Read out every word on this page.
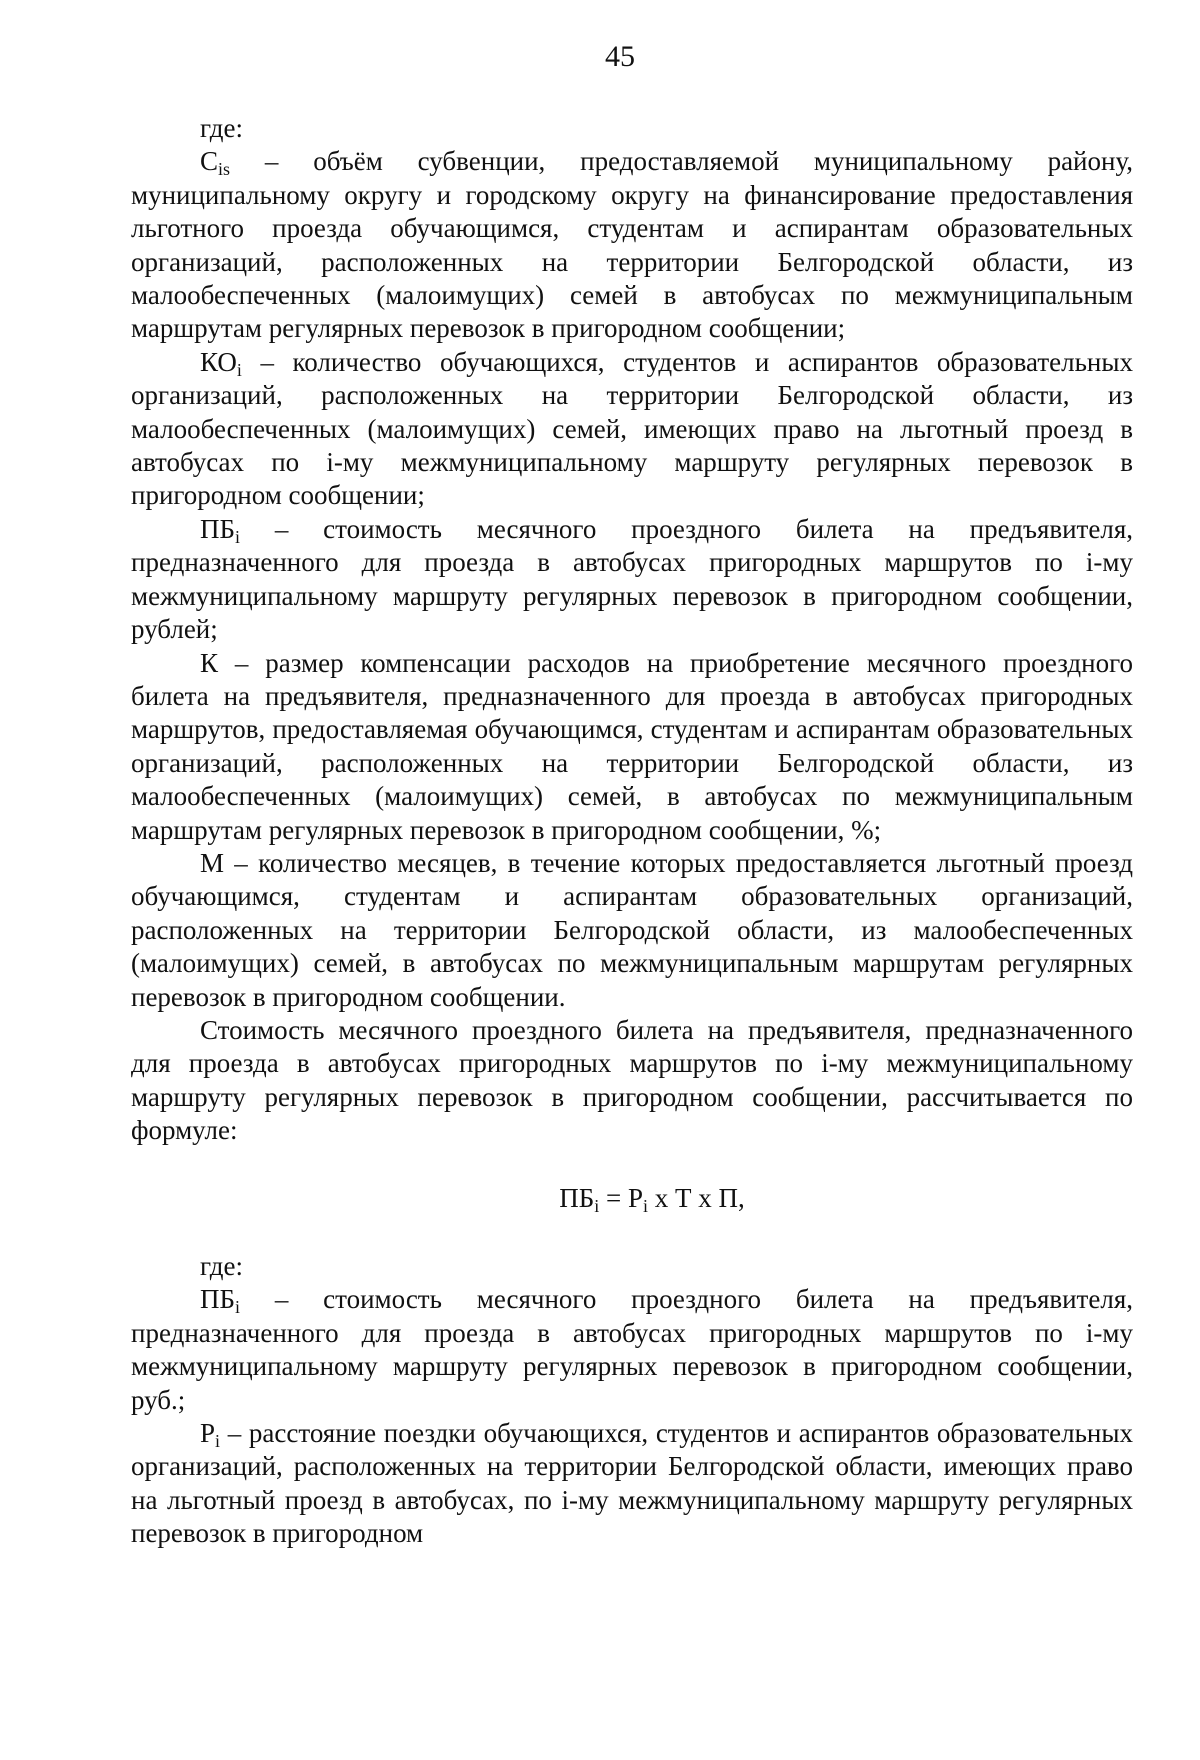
45

где:

$C_{is}$ – объём субвенции, предоставляемой муниципальному району, муниципальному округу и городскому округу на финансирование предоставления льготного проезда обучающимся, студентам и аспирантам образовательных организаций, расположенных на территории Белгородской области, из малообеспеченных (малоимущих) семей в автобусах по межмуниципальным маршрутам регулярных перевозок в пригородном сообщении;

$КО_i$ – количество обучающихся, студентов и аспирантов образовательных организаций, расположенных на территории Белгородской области, из малообеспеченных (малоимущих) семей, имеющих право на льготный проезд в автобусах по i-му межмуниципальному маршруту регулярных перевозок в пригородном сообщении;

$ПБ_i$ – стоимость месячного проездного билета на предъявителя, предназначенного для проезда в автобусах пригородных маршрутов по i-му межмуниципальному маршруту регулярных перевозок в пригородном сообщении, рублей;

К – размер компенсации расходов на приобретение месячного проездного билета на предъявителя, предназначенного для проезда в автобусах пригородных маршрутов, предоставляемая обучающимся, студентам и аспирантам образовательных организаций, расположенных на территории Белгородской области, из малообеспеченных (малоимущих) семей, в автобусах по межмуниципальным маршрутам регулярных перевозок в пригородном сообщении, %;

М – количество месяцев, в течение которых предоставляется льготный проезд обучающимся, студентам и аспирантам образовательных организаций, расположенных на территории Белгородской области, из малообеспеченных (малоимущих) семей, в автобусах по межмуниципальным маршрутам регулярных перевозок в пригородном сообщении.

Стоимость месячного проездного билета на предъявителя, предназначенного для проезда в автобусах пригородных маршрутов по i-му межмуниципальному маршруту регулярных перевозок в пригородном сообщении, рассчитывается по формуле:

$ПБ_i = P_i$ x Т x П,

где:

$ПБ_i$ – стоимость месячного проездного билета на предъявителя, предназначенного для проезда в автобусах пригородных маршрутов по i-му межмуниципальному маршруту регулярных перевозок в пригородном сообщении, руб.;

$P_i$ – расстояние поездки обучающихся, студентов и аспирантов образовательных организаций, расположенных на территории Белгородской области, имеющих право на льготный проезд в автобусах, по i-му межмуниципальному маршруту регулярных перевозок в пригородном
